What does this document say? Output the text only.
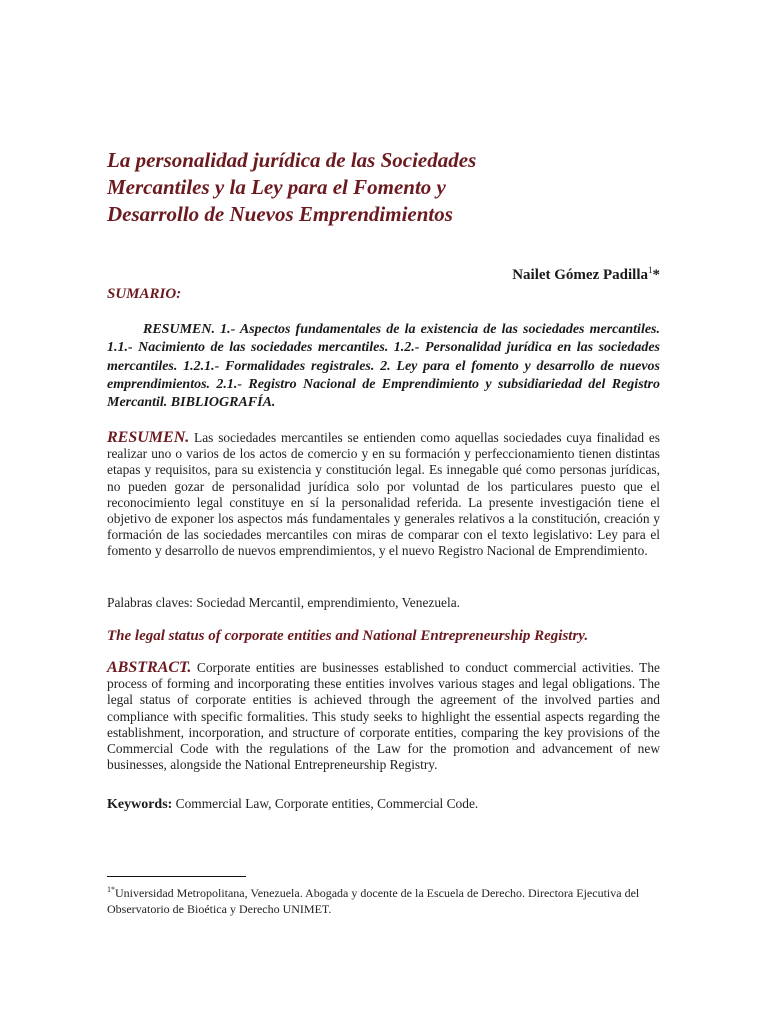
La personalidad jurídica de las Sociedades
Mercantiles y la Ley para el Fomento y
Desarrollo de Nuevos Emprendimientos
Nailet Gómez Padilla$^1$*
SUMARIO:

RESUMEN. 1.- Aspectos fundamentales de la existencia de las sociedades mercantiles. 1.1.- Nacimiento de las sociedades mercantiles. 1.2.- Personalidad jurídica en las sociedades mercantiles. 1.2.1.- Formalidades registrales. 2. Ley para el fomento y desarrollo de nuevos emprendimientos. 2.1.- Registro Nacional de Emprendimiento y subsidiariedad del Registro Mercantil. BIBLIOGRAFÍA.

RESUMEN. Las sociedades mercantiles se entienden como aquellas sociedades cuya finalidad es realizar uno o varios de los actos de comercio y en su formación y perfeccionamiento tienen distintas etapas y requisitos, para su existencia y constitución legal. Es innegable qué como personas jurídicas, no pueden gozar de personalidad jurídica solo por voluntad de los particulares puesto que el reconocimiento legal constituye en sí la personalidad referida. La presente investigación tiene el objetivo de exponer los aspectos más fundamentales y generales relativos a la constitución, creación y formación de las sociedades mercantiles con miras de comparar con el texto legislativo: Ley para el fomento y desarrollo de nuevos emprendimientos, y el nuevo Registro Nacional de Emprendimiento.

Palabras claves: Sociedad Mercantil, emprendimiento, Venezuela.

The legal status of corporate entities and National Entrepreneurship Registry.

ABSTRACT. Corporate entities are businesses established to conduct commercial activities. The process of forming and incorporating these entities involves various stages and legal obligations. The legal status of corporate entities is achieved through the agreement of the involved parties and compliance with specific formalities. This study seeks to highlight the essential aspects regarding the establishment, incorporation, and structure of corporate entities, comparing the key provisions of the Commercial Code with the regulations of the Law for the promotion and advancement of new businesses, alongside the National Entrepreneurship Registry.

Keywords: Commercial Law, Corporate entities, Commercial Code.

$^{1*}$Universidad Metropolitana, Venezuela. Abogada y docente de la Escuela de Derecho. Directora Ejecutiva del Observatorio de Bioética y Derecho UNIMET.
